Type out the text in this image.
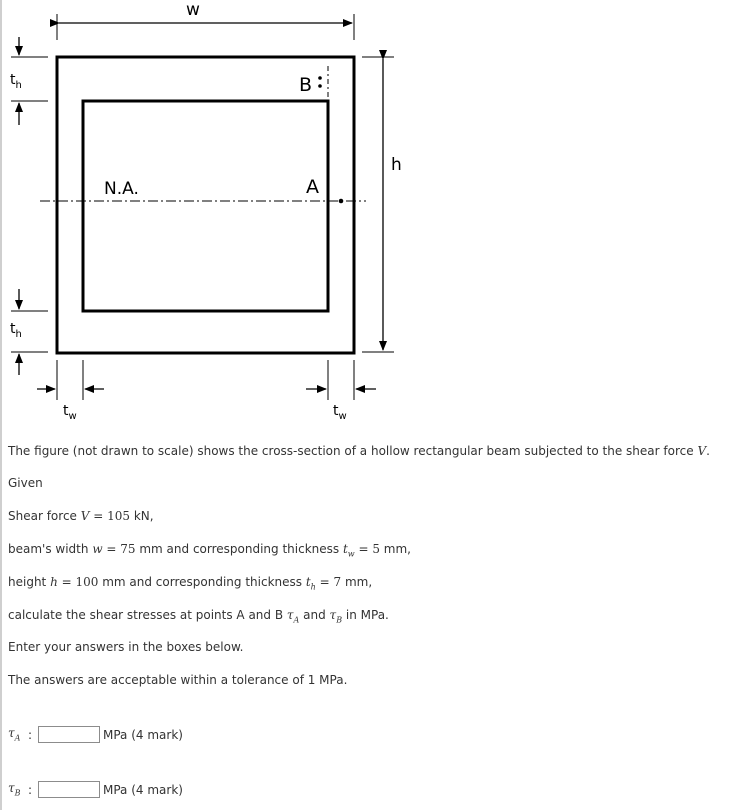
w
h
$t_h$
$t_h$
$t_w$	$t_w$
N.A.	A
B
The figure (not drawn to scale) shows the cross-section of a hollow rectangular beam subjected to the shear force V.
Given
Shear force V = 105 kN,
beam's width w = 75 mm and corresponding thickness $t_w = 5$ mm,
height h = 100 mm and corresponding thickness $t_h = 7$ mm,
calculate the shear stresses at points A and B $\tau_A$ and $\tau_B$ in MPa.
Enter your answers in the boxes below.
The answers are acceptable within a tolerance of 1 MPa.
$\tau_A$ :	MPa (4 mark)
$\tau_B$ :	MPa (4 mark)
